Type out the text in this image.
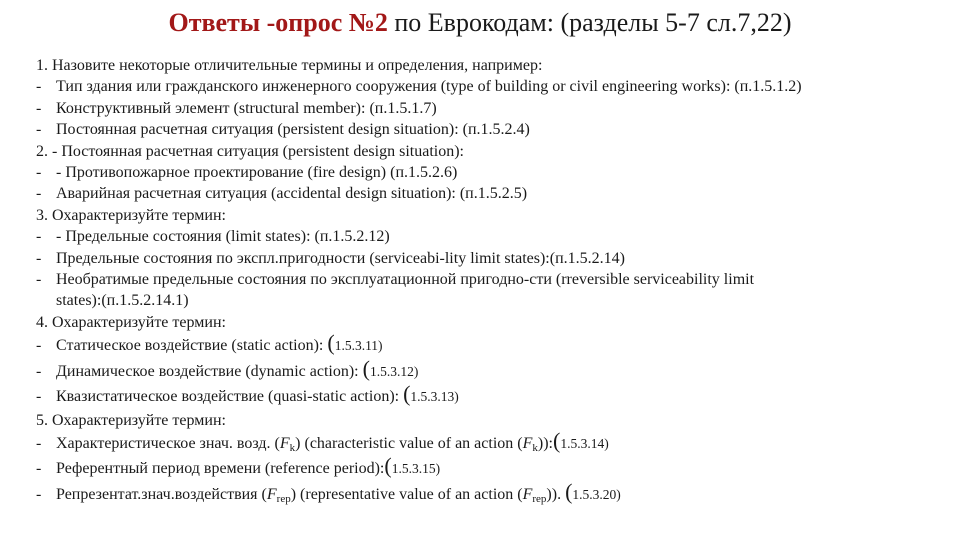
Ответы -опрос №2 по Еврокодам: (разделы 5-7 сл.7,22)
1. Назовите некоторые отличительные термины и определения, например:
- Тип здания или гражданского инженерного сооружения (type of building or civil engineering works): (п.1.5.1.2)
- Конструктивный элемент (structural member): (п.1.5.1.7)
- Постоянная расчетная ситуация (persistent design situation): (п.1.5.2.4)
2. - Постоянная расчетная ситуация (persistent design situation):
- - Противопожарное проектирование (fire design) (п.1.5.2.6)
- Аварийная расчетная ситуация (accidental design situation): (п.1.5.2.5)
3. Охарактеризуйте термин:
- - Предельные состояния (limit states): (п.1.5.2.12)
- Предельные состояния по экспл.пригодности (serviceabi-lity limit states):(п.1.5.2.14)
- Необратимые предельные состояния по эксплуатационной пригодно-сти (rreversible serviceability limit
states):(п.1.5.2.14.1)
4. Охарактеризуйте термин:
- Статическое воздействие (static action): (1.5.3.11)
- Динамическое воздействие (dynamic action): (1.5.3.12)
- Квазистатическое воздействие (quasi-static action): (1.5.3.13)
5. Охарактеризуйте термин:
- Характеристическое знач. возд. $(F_k)$ (characteristic value of an action $(F_k)):(1.5.3.14)$
- Референтный период времени (reference period):(1.5.3.15)
- Репрезентат.знач.воздействия $(F_{rep})$ (representative value of an action $(F_{rep})$). (1.5.3.20)
